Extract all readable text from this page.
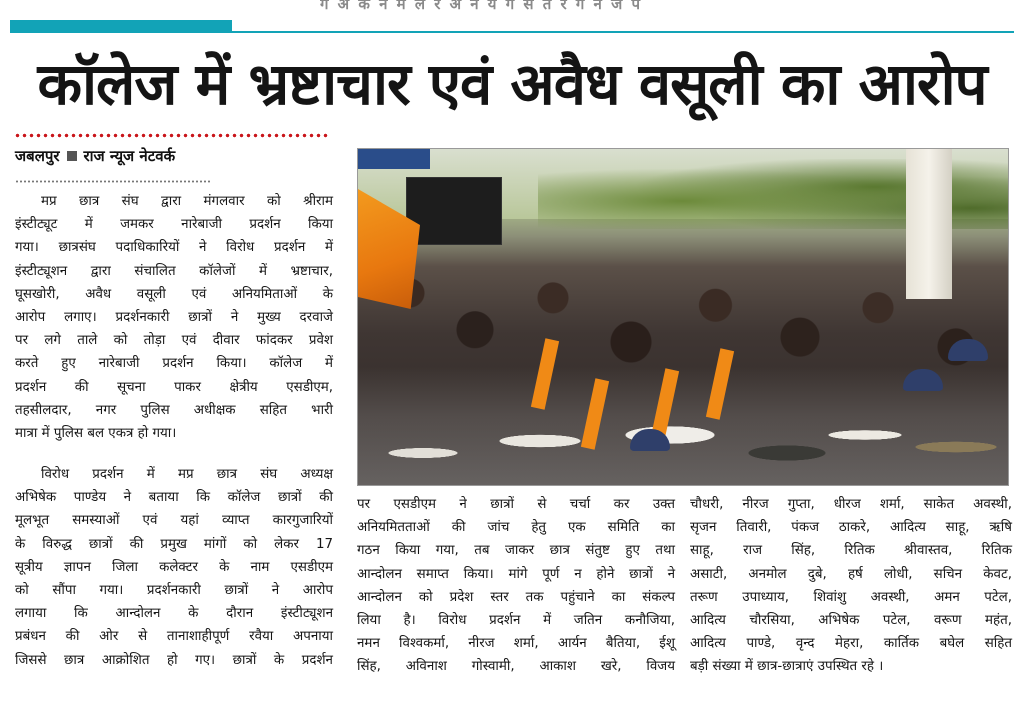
ग अ क न म ल र अ न य ग स त र ग न ज प
कॉलेज में भ्रष्टाचार एवं अवैध वसूली का आरोप
जबलपुर राज न्यूज नेटवर्क
मप्र छात्र संघ द्वारा मंगलवार को श्रीराम
इंस्टीट्यूट में जमकर नारेबाजी प्रदर्शन किया
गया। छात्रसंघ पदाधिकारियों ने विरोध प्रदर्शन में
इंस्टीट्यूशन द्वारा संचालित कॉलेजों में भ्रष्टाचार,
घूसखोरी, अवैध वसूली एवं अनियमिताओं के
आरोप लगाए। प्रदर्शनकारी छात्रों ने मुख्य दरवाजे
पर लगे ताले को तोड़ा एवं दीवार फांदकर प्रवेश
करते हुए नारेबाजी प्रदर्शन किया। कॉलेज में
प्रदर्शन की सूचना पाकर क्षेत्रीय एसडीएम,
तहसीलदार, नगर पुलिस अधीक्षक सहित भारी
मात्रा में पुलिस बल एकत्र हो गया।
विरोध प्रदर्शन में मप्र छात्र संघ अध्यक्ष
अभिषेक पाण्डेय ने बताया कि कॉलेज छात्रों की
मूलभूत समस्याओं एवं यहां व्याप्त कारगुजारियों
के विरुद्ध छात्रों की प्रमुख मांगों को लेकर 17
सूत्रीय ज्ञापन जिला कलेक्टर के नाम एसडीएम
को सौंपा गया। प्रदर्शनकारी छात्रों ने आरोप
लगाया कि आन्दोलन के दौरान इंस्टीट्यूशन
प्रबंधन की ओर से तानाशाहीपूर्ण रवैया अपनाया
जिससे छात्र आक्रोशित हो गए। छात्रों के प्रदर्शन
पर एसडीएम ने छात्रों से चर्चा कर उक्त
अनियमितताओं की जांच हेतु एक समिति का
गठन किया गया, तब जाकर छात्र संतुष्ट हुए तथा
आन्दोलन समाप्त किया। मांगे पूर्ण न होने छात्रों ने
आन्दोलन को प्रदेश स्तर तक पहुंचाने का संकल्प
लिया है। विरोध प्रदर्शन में जतिन कनौजिया,
नमन विश्वकर्मा, नीरज शर्मा, आर्यन बैतिया, ईशू
सिंह, अविनाश गोस्वामी, आकाश खरे, विजय
चौधरी, नीरज गुप्ता, धीरज शर्मा, साकेत अवस्थी,
सृजन तिवारी, पंकज ठाकरे, आदित्य साहू, ऋषि
साहू, राज सिंह, रितिक श्रीवास्तव, रितिक
असाटी, अनमोल दुबे, हर्ष लोधी, सचिन केवट,
तरूण उपाध्याय, शिवांशु अवस्थी, अमन पटेल,
आदित्य चौरसिया, अभिषेक पटेल, वरूण महंत,
आदित्य पाण्डे, वृन्द मेहरा, कार्तिक बघेल सहित
बड़ी संख्या में छात्र-छात्राएं उपस्थित रहे ।
